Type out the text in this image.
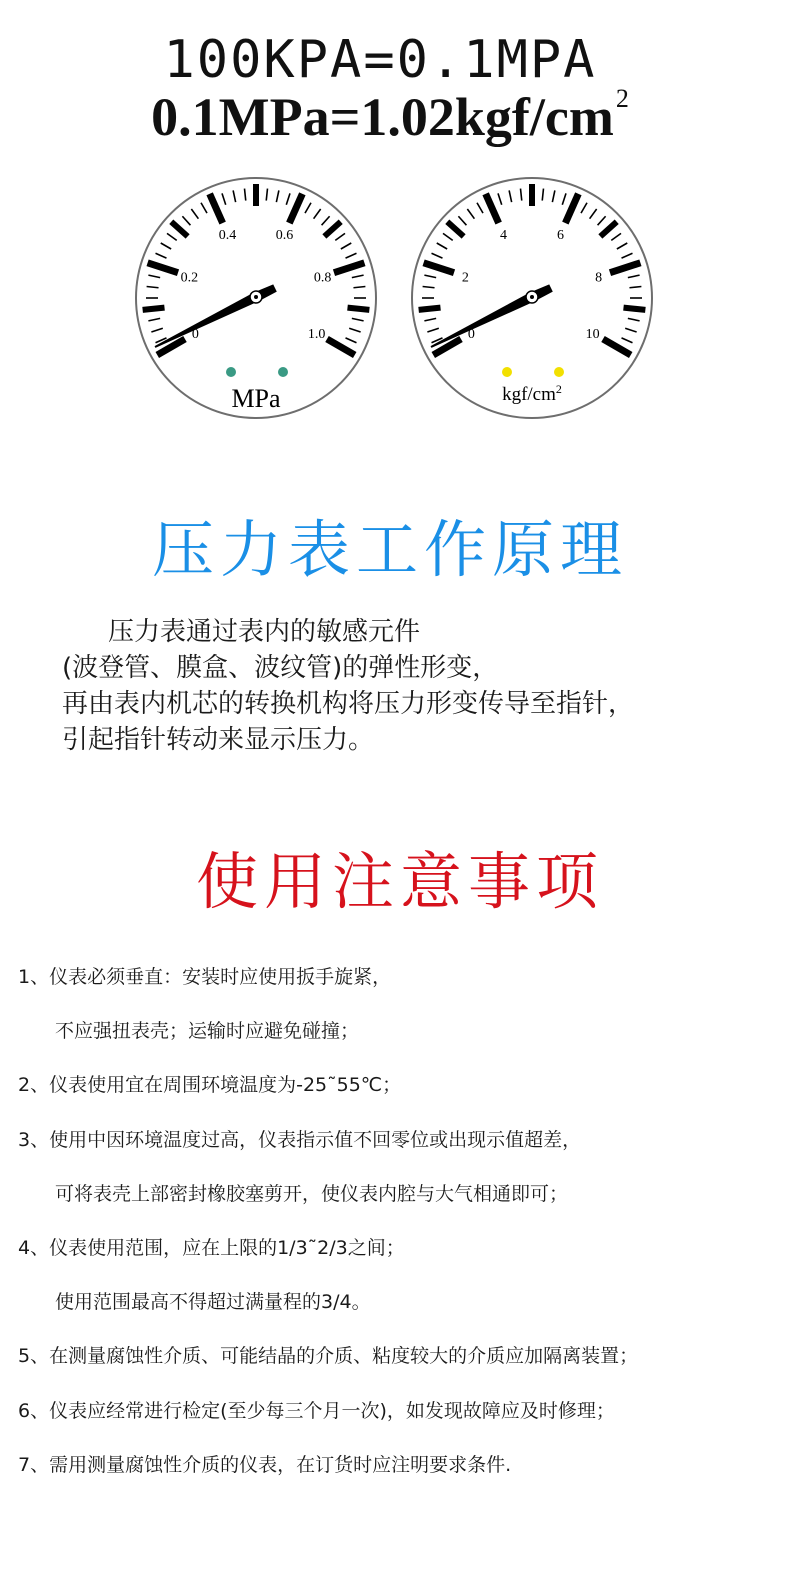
100KPA=0.1MPA
$0.1MPa=1.02kgf/cm^2$
0
0.2
0.4	0.6
0.8
1.0
MPa
0
2
4	6
8
10
kgf/$cm^2$
压力表工作原理

压力表通过表内的敏感元件

(波登管、膜盒、波纹管)的弹性形变，

再由表内机芯的转换机构将压力形变传导至指针，

引起指针转动来显示压力。

使用注意事项
1、仪表必须垂直：安装时应使用扳手旋紧，
不应强扭表壳；运输时应避免碰撞；
2、仪表使用宜在周围环境温度为-25˜55℃；
3、使用中因环境温度过高，仪表指示值不回零位或出现示值超差，
可将表壳上部密封橡胶塞剪开，使仪表内腔与大气相通即可；
4、仪表使用范围，应在上限的1/3˜2/3之间；
使用范围最高不得超过满量程的3/4。
5、在测量腐蚀性介质、可能结晶的介质、粘度较大的介质应加隔离装置；
6、仪表应经常进行检定(至少每三个月一次)，如发现故障应及时修理；
7、需用测量腐蚀性介质的仪表，在订货时应注明要求条件.
